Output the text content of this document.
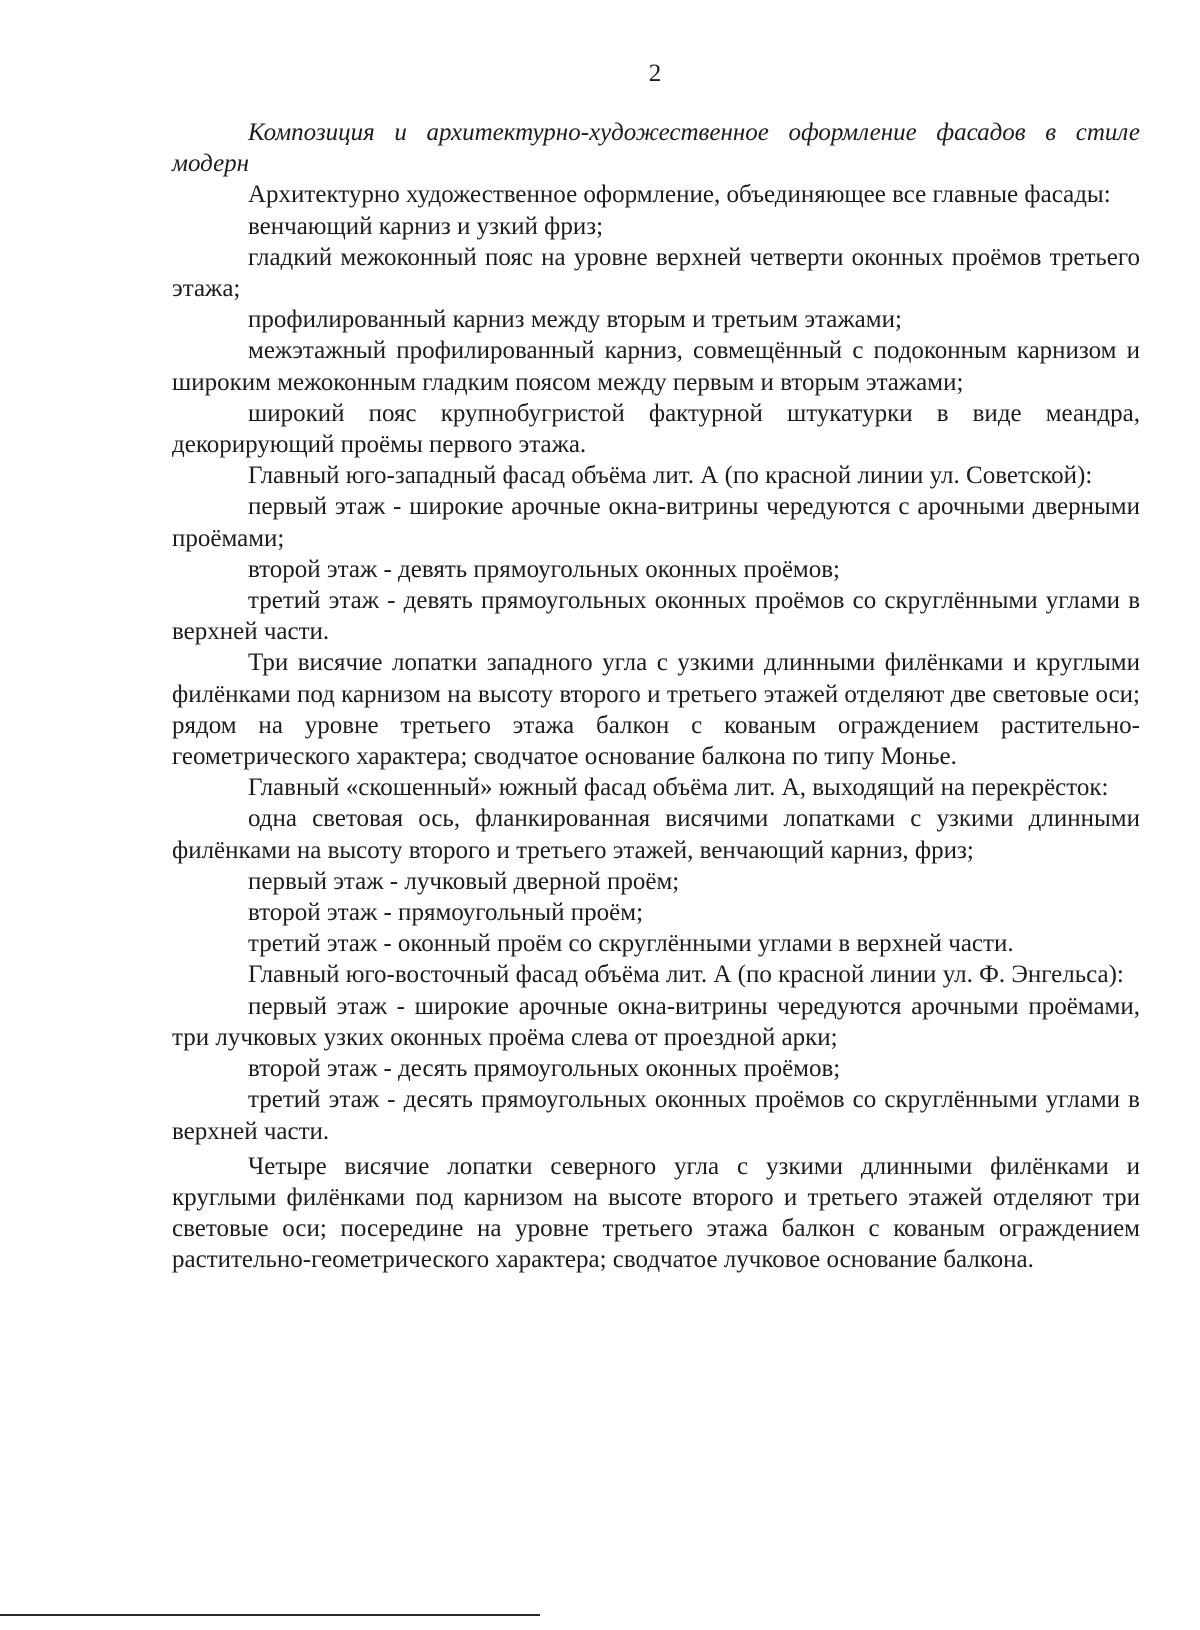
2

Композиция и архитектурно-художественное оформление фасадов в стиле модерн

Архитектурно художественное оформление, объединяющее все главные фасады:

венчающий карниз и узкий фриз;

гладкий межоконный пояс на уровне верхней четверти оконных проёмов третьего этажа;

профилированный карниз между вторым и третьим этажами;

межэтажный профилированный карниз, совмещённый с подоконным карнизом и широким межоконным гладким поясом между первым и вторым этажами;

широкий пояс крупнобугристой фактурной штукатурки в виде меандра, декорирующий проёмы первого этажа.

Главный юго-западный фасад объёма лит. А (по красной линии ул. Советской):

первый этаж - широкие арочные окна-витрины чередуются с арочными дверными проёмами;

второй этаж - девять прямоугольных оконных проёмов;

третий этаж - девять прямоугольных оконных проёмов со скруглёнными углами в верхней части.

Три висячие лопатки западного угла с узкими длинными филёнками и круглыми филёнками под карнизом на высоту второго и третьего этажей отделяют две световые оси; рядом на уровне третьего этажа балкон с кованым ограждением растительно-геометрического характера; сводчатое основание балкона по типу Монье.

Главный «скошенный» южный фасад объёма лит. А, выходящий на перекрёсток:

одна световая ось, фланкированная висячими лопатками с узкими длинными филёнками на высоту второго и третьего этажей, венчающий карниз, фриз;

первый этаж - лучковый дверной проём;

второй этаж - прямоугольный проём;

третий этаж - оконный проём со скруглёнными углами в верхней части.

Главный юго-восточный фасад объёма лит. А (по красной линии ул. Ф. Энгельса):

первый этаж - широкие арочные окна-витрины чередуются арочными проёмами, три лучковых узких оконных проёма слева от проездной арки;

второй этаж - десять прямоугольных оконных проёмов;

третий этаж - десять прямоугольных оконных проёмов со скруглёнными углами в верхней части.

Четыре висячие лопатки северного угла с узкими длинными филёнками и круглыми филёнками под карнизом на высоте второго и третьего этажей отделяют три световые оси; посередине на уровне третьего этажа балкон с кованым ограждением растительно-геометрического характера; сводчатое лучковое основание балкона.
